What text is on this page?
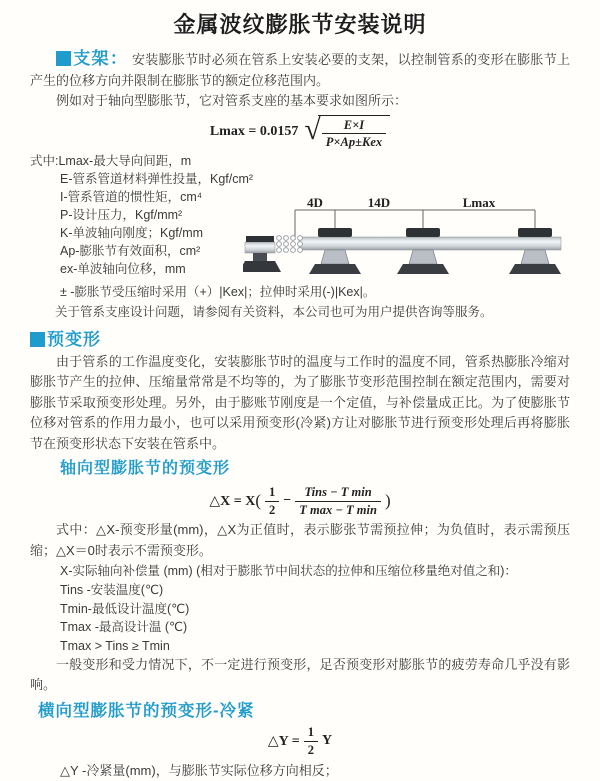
金属波纹膨胀节安装说明

支架： 安装膨胀节时必须在管系上安装必要的支架，以控制管系的变形在膨胀节上产生的位移方向并限制在膨胀节的额定位移范围内。

例如对于轴向型膨胀节，它对管系支座的基本要求如图所示：

Lmax = 0.0157 √ $\frac{E\times I}{\text{P×Ap±Kex}}$

式中:Lmax-最大导向间距，m

E-管系管道材料弹性投量，Kgf/cm²

I-管系管道的惯性矩，cm⁴

P-设计压力，Kgf/mm²

K-单波轴向刚度；Kgf/mm

Ap-膨胀节有效面积，cm²

ex-单波轴向位移，mm

± -膨胀节受压缩时采用（+）|Kex|；拉伸时采用(-)|Kex|。

关于管系支座设计问题，请参阅有关资料，本公司也可为用户提供咨询等服务。

4D	14D	Lmax
预变形

由于管系的工作温度变化，安装膨胀节时的温度与工作时的温度不同，管系热膨胀冷缩对膨胀节产生的拉伸、压缩量常常是不均等的，为了膨胀节变形范围控制在额定范围内，需要对膨胀节采取预变形处理。另外，由于膨账节刚度是一个定值，与补偿量成正比。为了使膨胀节位移对管系的作用力最小，也可以采用预变形(冷紧)方让对膨胀节进行预变形处理后再将膨胀节在预变形状态下安装在管系中。

轴向型膨胀节的预变形
△X = X ( $\frac{1}{2} - \frac{\text{Tins − T min}}{\text{T max − T min}}$ )

式中：△X-预变形量(mm)，△X为正值时，表示膨张节需预拉伸；为负值时，表示需预压缩；△X＝0时表示不需预变形。

X-实际轴向补偿量 (mm) (相对于膨胀节中间状态的拉伸和压缩位移量绝对值之和)：

Tins -安装温度(℃)

Tmin-最低设计温度(℃)

Tmax -最高设计温 (℃)

Tmax > Tins ≥ Tmin

一般变形和受力情况下，不一定进行预变形，足否预变形对膨胀节的疲劳寿命几乎没有影响。

横向型膨胀节的预变形-冷紧
△Y = $\frac{1}{2}$ Y

△Y -冷紧量(mm)，与膨胀节实际位移方向相反；
